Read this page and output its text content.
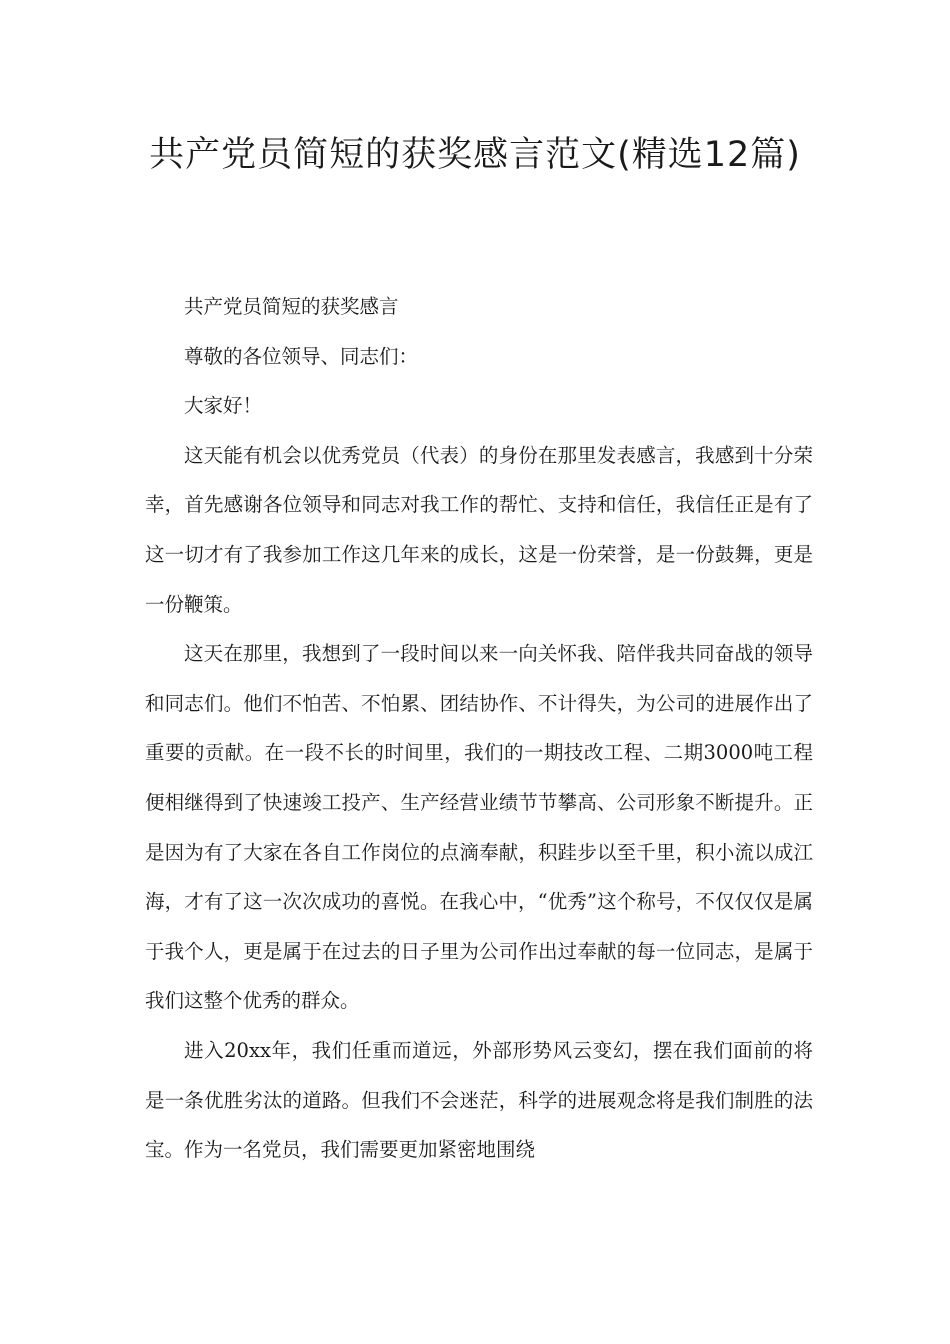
共产党员简短的获奖感言范文(精选12篇)

共产党员简短的获奖感言

尊敬的各位领导、同志们：

大家好！

这天能有机会以优秀党员（代表）的身份在那里发表感言，我感到十分荣幸，首先感谢各位领导和同志对我工作的帮忙、支持和信任，我信任正是有了这一切才有了我参加工作这几年来的成长，这是一份荣誉，是一份鼓舞，更是一份鞭策。

这天在那里，我想到了一段时间以来一向关怀我、陪伴我共同奋战的领导和同志们。他们不怕苦、不怕累、团结协作、不计得失，为公司的进展作出了重要的贡献。在一段不长的时间里，我们的一期技改工程、二期3000吨工程便相继得到了快速竣工投产、生产经营业绩节节攀高、公司形象不断提升。正是因为有了大家在各自工作岗位的点滴奉献，积跬步以至千里，积小流以成江海，才有了这一次次成功的喜悦。在我心中，“优秀”这个称号，不仅仅仅是属于我个人，更是属于在过去的日子里为公司作出过奉献的每一位同志，是属于我们这整个优秀的群众。

进入20xx年，我们任重而道远，外部形势风云变幻，摆在我们面前的将是一条优胜劣汰的道路。但我们不会迷茫，科学的进展观念将是我们制胜的法宝。作为一名党员，我们需要更加紧密地围绕
